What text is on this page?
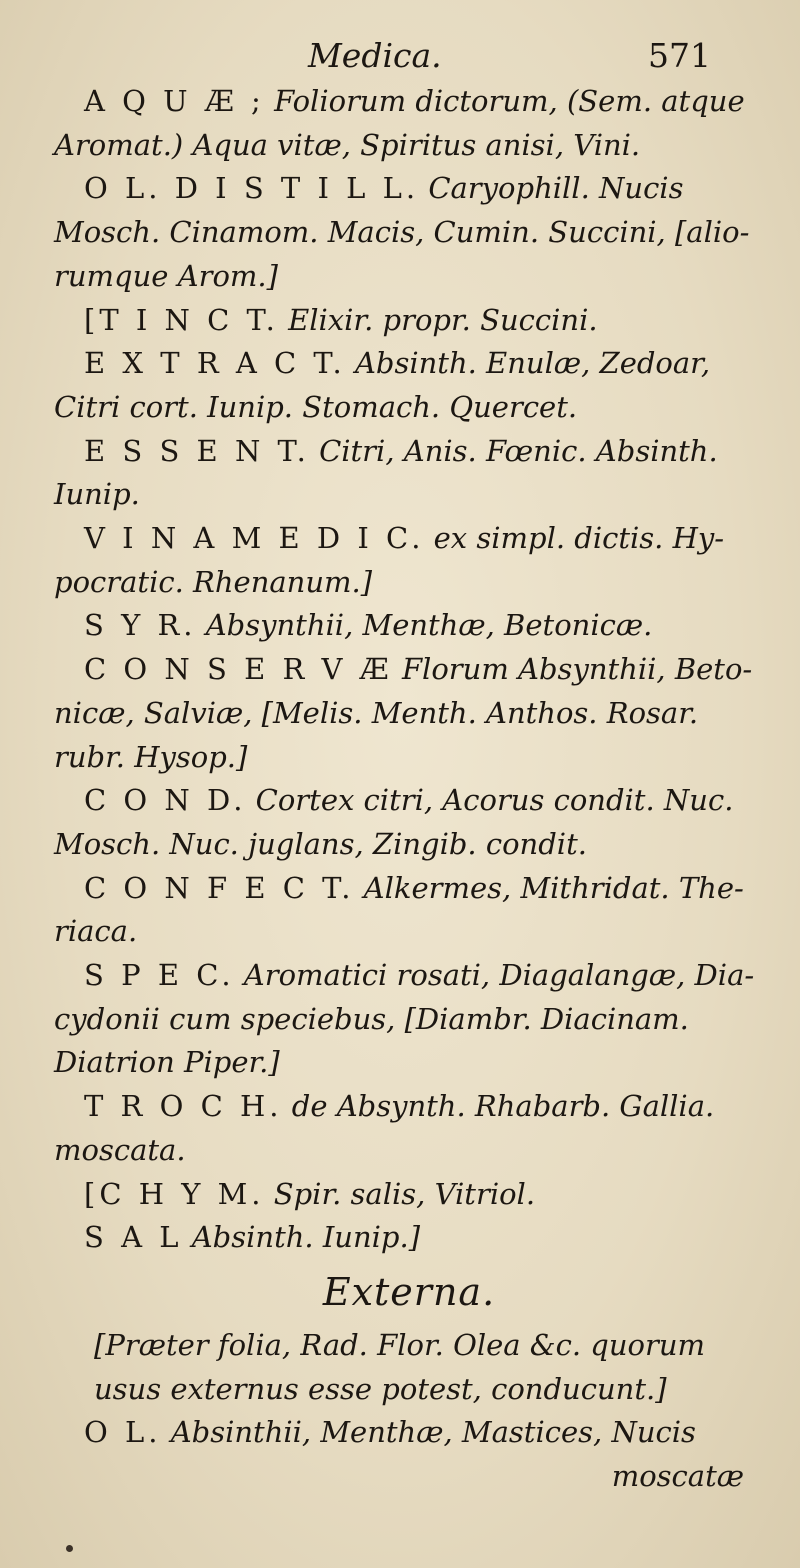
Medica.	571
A Q U Æ ; Foliorum dictorum, (Sem. atque
Aromat.) Aqua vitæ, Spiritus anisi, Vini.
O L. D I S T I L L. Caryophill. Nucis
Mosch. Cinamom. Macis, Cumin. Succini, [alio-
rumque Arom.]
[T I N C T. Elixir. propr. Succini.
E X T R A C T. Absinth. Enulæ, Zedoar,
Citri cort. Iunip. Stomach. Quercet.
E S S E N T. Citri, Anis. Fœnic. Absinth.
Iunip.
V I N A M E D I C. ex simpl. dictis. Hy-
pocratic. Rhenanum.]
S Y R. Absynthii, Menthæ, Betonicæ.
C O N S E R V Æ Florum Absynthii, Beto-
nicæ, Salviæ, [Melis. Menth. Anthos. Rosar.
rubr. Hysop.]
C O N D. Cortex citri, Acorus condit. Nuc.
Mosch. Nuc. juglans, Zingib. condit.
C O N F E C T. Alkermes, Mithridat. The-
riaca.
S P E C. Aromatici rosati, Diagalangæ, Dia-
cydonii cum speciebus, [Diambr. Diacinam.
Diatrion Piper.]
T R O C H. de Absynth. Rhabarb. Gallia.
moscata.
[C H Y M. Spir. salis, Vitriol.
S A L Absinth. Iunip.]
Externa.
[Præter folia, Rad. Flor. Olea &c. quorum
usus externus esse potest, conducunt.]
O L. Absinthii, Menthæ, Mastices, Nucis
moscatæ
